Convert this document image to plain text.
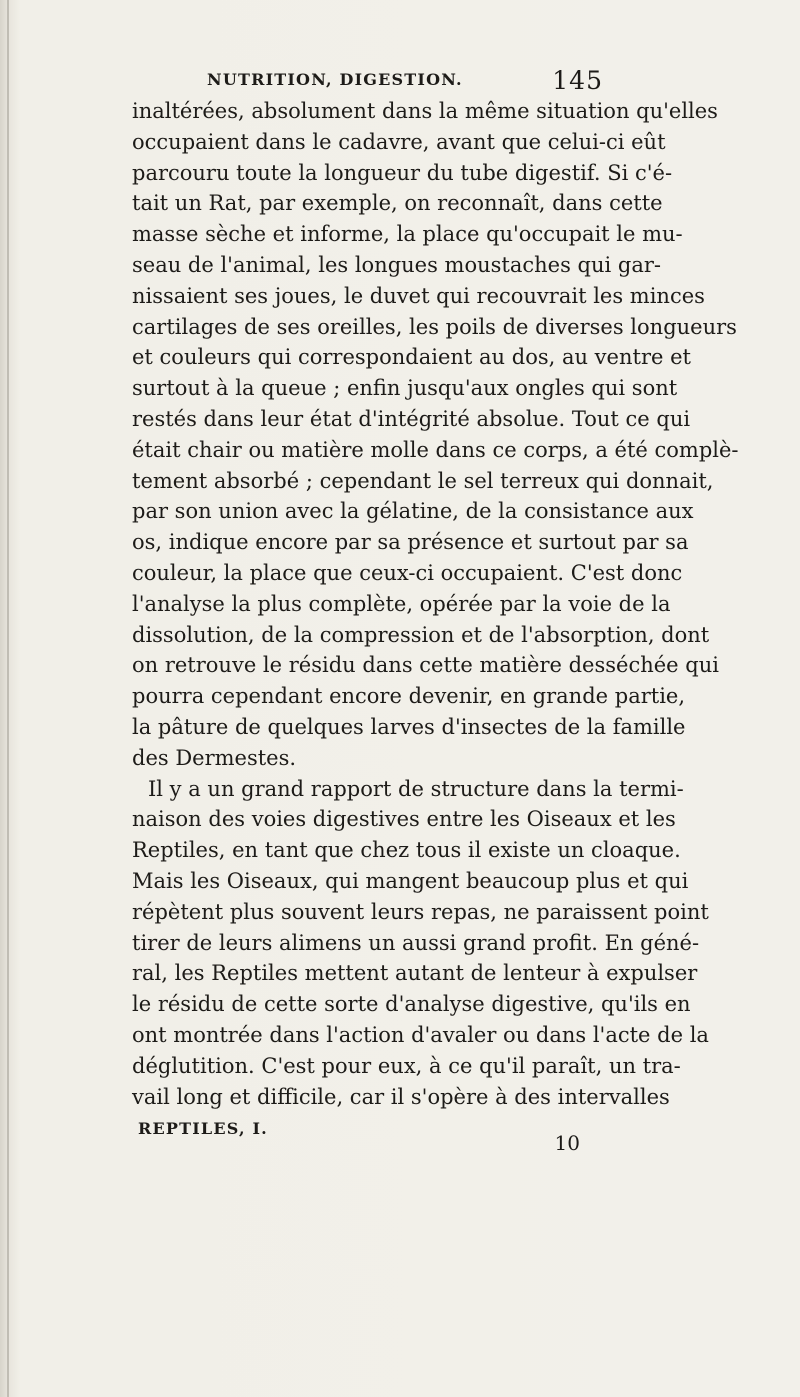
NUTRITION, DIGESTION.	145
inaltérées, absolument dans la même situation qu'elles
occupaient dans le cadavre, avant que celui-ci eût
parcouru toute la longueur du tube digestif. Si c'é-
tait un Rat, par exemple, on reconnaît, dans cette
masse sèche et informe, la place qu'occupait le mu-
seau de l'animal, les longues moustaches qui gar-
nissaient ses joues, le duvet qui recouvrait les minces
cartilages de ses oreilles, les poils de diverses longueurs
et couleurs qui correspondaient au dos, au ventre et
surtout à la queue ; enfin jusqu'aux ongles qui sont
restés dans leur état d'intégrité absolue. Tout ce qui
était chair ou matière molle dans ce corps, a été complè-
tement absorbé ; cependant le sel terreux qui donnait,
par son union avec la gélatine, de la consistance aux
os, indique encore par sa présence et surtout par sa
couleur, la place que ceux-ci occupaient. C'est donc
l'analyse la plus complète, opérée par la voie de la
dissolution, de la compression et de l'absorption, dont
on retrouve le résidu dans cette matière desséchée qui
pourra cependant encore devenir, en grande partie,
la pâture de quelques larves d'insectes de la famille
des Dermestes.
Il y a un grand rapport de structure dans la termi-
naison des voies digestives entre les Oiseaux et les
Reptiles, en tant que chez tous il existe un cloaque.
Mais les Oiseaux, qui mangent beaucoup plus et qui
répètent plus souvent leurs repas, ne paraissent point
tirer de leurs alimens un aussi grand profit. En géné-
ral, les Reptiles mettent autant de lenteur à expulser
le résidu de cette sorte d'analyse digestive, qu'ils en
ont montrée dans l'action d'avaler ou dans l'acte de la
déglutition. C'est pour eux, à ce qu'il paraît, un tra-
vail long et difficile, car il s'opère à des intervalles
REPTILES, I.
10
